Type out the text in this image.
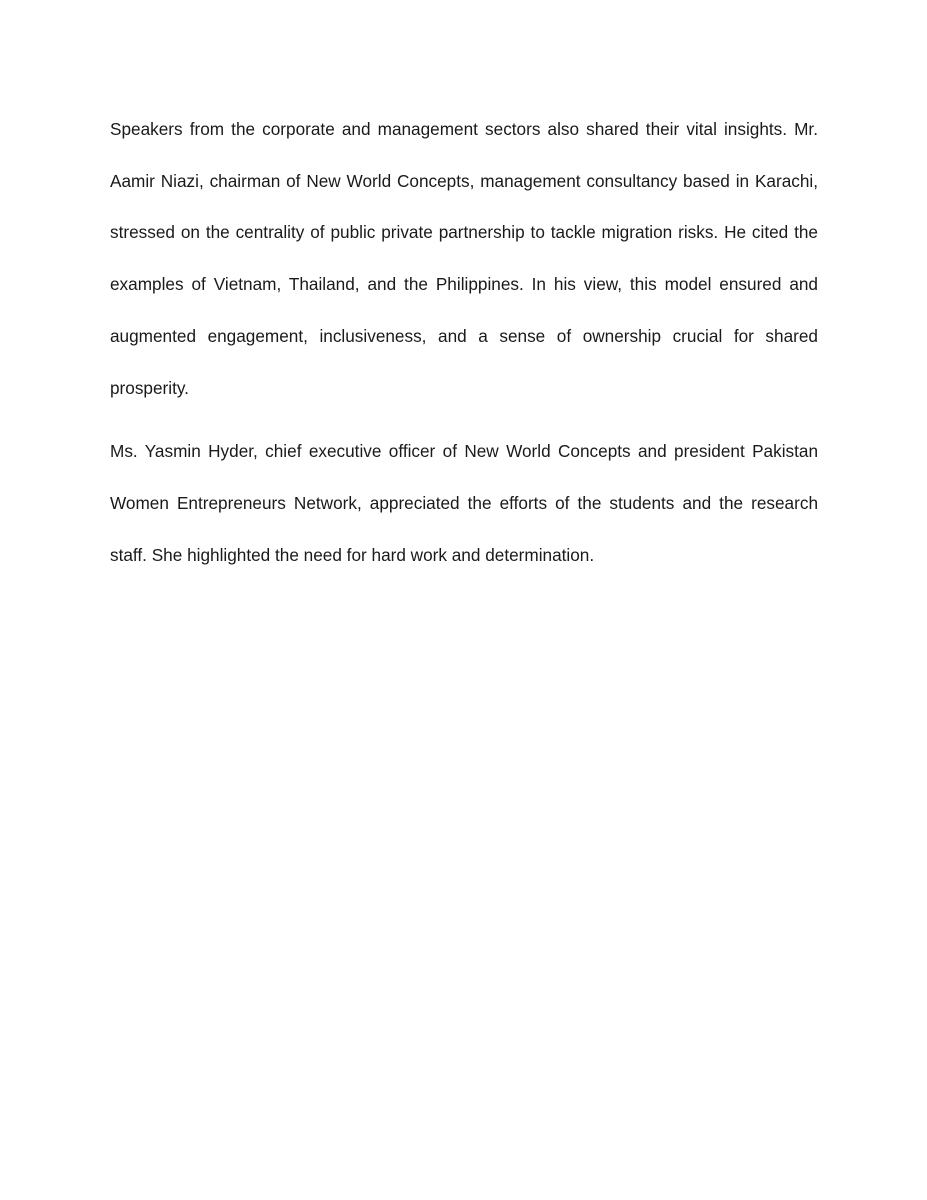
Speakers from the corporate and management sectors also shared their vital insights. Mr. Aamir Niazi, chairman of New World Concepts, management consultancy based in Karachi, stressed on the centrality of public private partnership to tackle migration risks. He cited the examples of Vietnam, Thailand, and the Philippines. In his view, this model ensured and augmented engagement, inclusiveness, and a sense of ownership crucial for shared prosperity.

Ms. Yasmin Hyder, chief executive officer of New World Concepts and president Pakistan Women Entrepreneurs Network, appreciated the efforts of the students and the research staff. She highlighted the need for hard work and determination.
